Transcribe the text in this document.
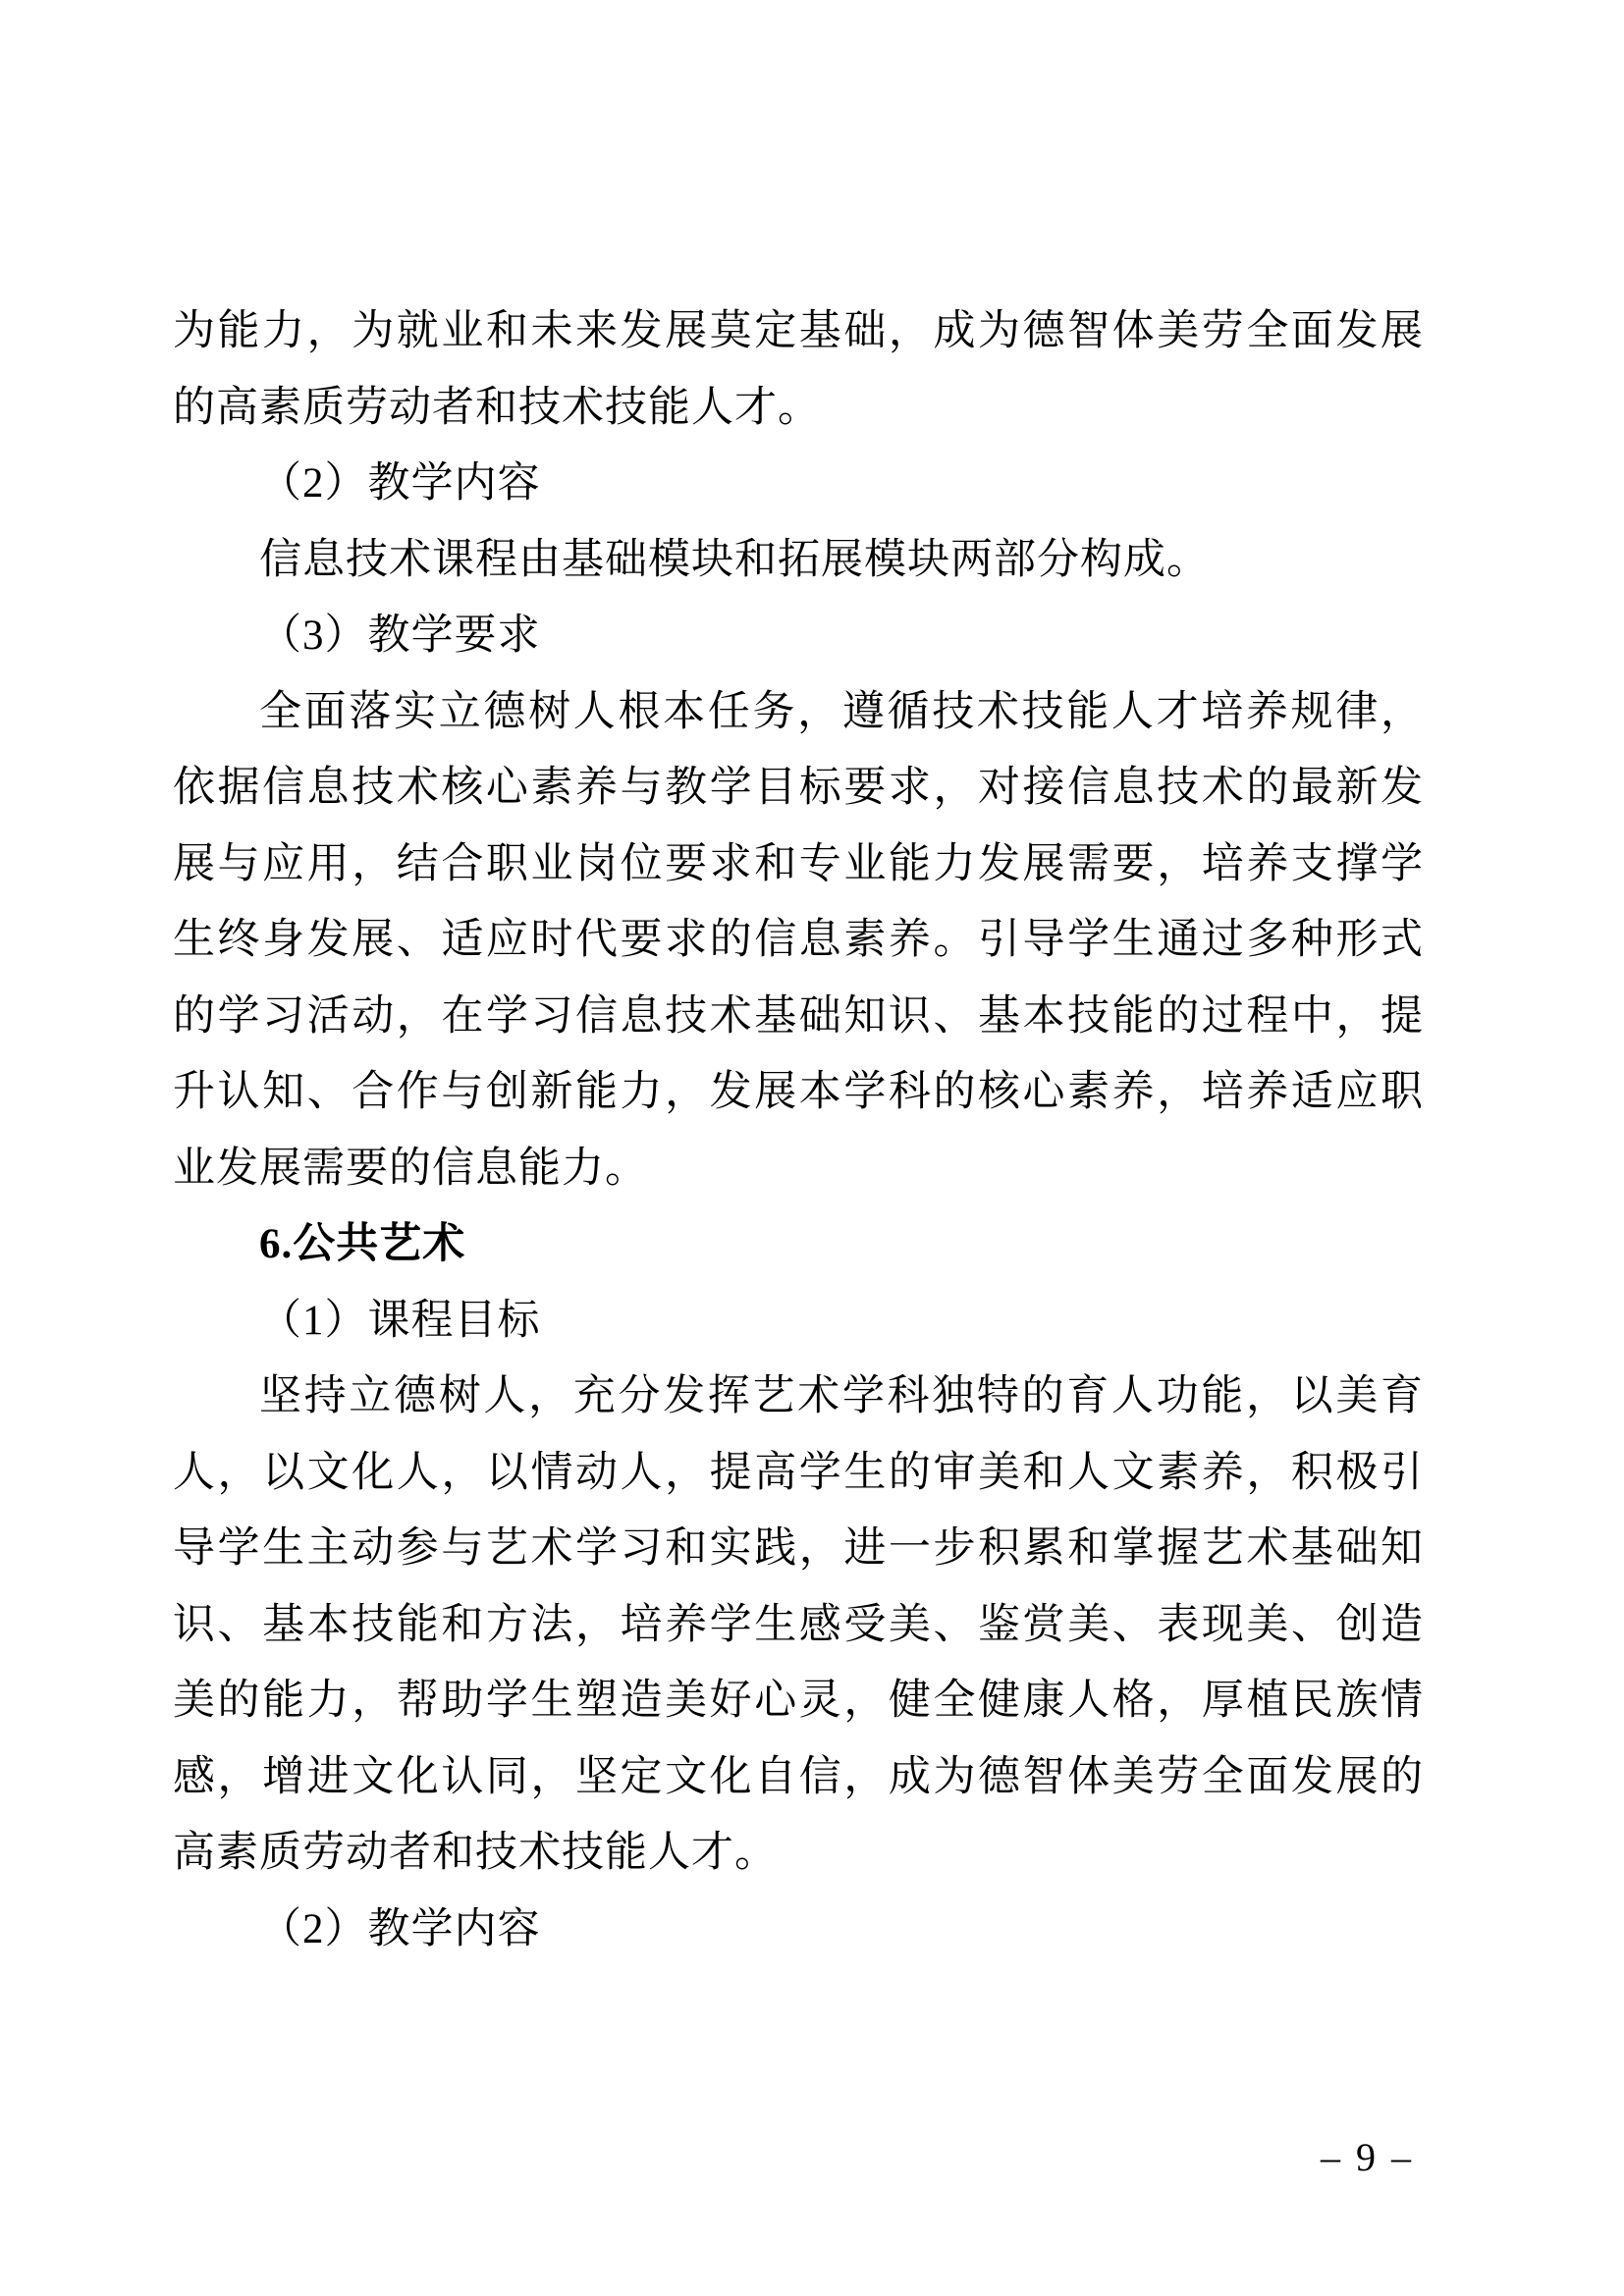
为能力，为就业和未来发展莫定基础，成为德智体美劳全面发展
的高素质劳动者和技术技能人才。
（2）教学内容
信息技术课程由基础模块和拓展模块两部分构成。
（3）教学要求
全面落实立德树人根本任务，遵循技术技能人才培养规律，
依据信息技术核心素养与教学目标要求，对接信息技术的最新发
展与应用，结合职业岗位要求和专业能力发展需要，培养支撑学
生终身发展、适应时代要求的信息素养。引导学生通过多种形式
的学习活动，在学习信息技术基础知识、基本技能的过程中，提
升认知、合作与创新能力，发展本学科的核心素养，培养适应职
业发展需要的信息能力。
6.公共艺术
（1）课程目标
坚持立德树人，充分发挥艺术学科独特的育人功能，以美育
人，以文化人，以情动人，提高学生的审美和人文素养，积极引
导学生主动参与艺术学习和实践，进一步积累和掌握艺术基础知
识、基本技能和方法，培养学生感受美、鉴赏美、表现美、创造
美的能力，帮助学生塑造美好心灵，健全健康人格，厚植民族情
感，增进文化认同，坚定文化自信，成为德智体美劳全面发展的
高素质劳动者和技术技能人才。
（2）教学内容
– 9 –
